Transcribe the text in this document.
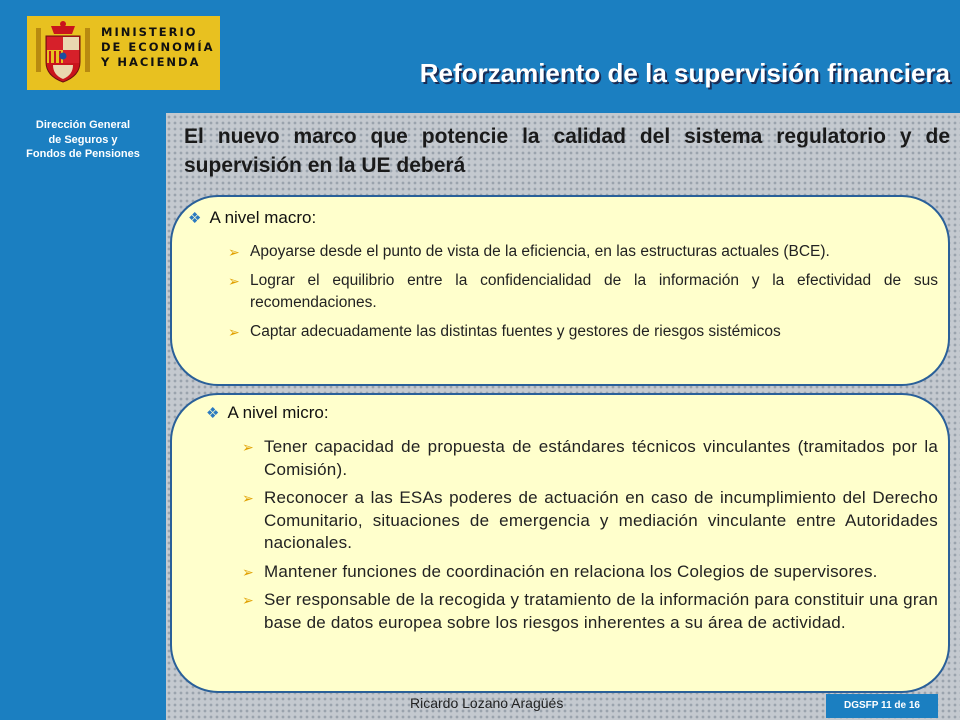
Dirección General
de Seguros y
Fondos de Pensiones
Reforzamiento de la supervisión financiera
MINISTERIO
DE ECONOMÍA
Y HACIENDA
El nuevo marco que potencie la calidad del sistema regulatorio y de supervisión en la UE deberá
❖ A nivel macro:
➢ Apoyarse desde el punto de vista de la eficiencia, en las estructuras actuales (BCE).
➢ Lograr el equilibrio entre la confidencialidad de la información y la efectividad de sus recomendaciones.
➢ Captar adecuadamente las distintas fuentes y gestores de riesgos sistémicos
❖ A nivel micro:
➢ Tener capacidad de propuesta de estándares técnicos vinculantes (tramitados por la Comisión).
➢ Reconocer a las ESAs poderes de actuación en caso de incumplimiento del Derecho Comunitario, situaciones de emergencia y mediación vinculante entre Autoridades nacionales.
➢ Mantener funciones de coordinación en relaciona los Colegios de supervisores.
➢ Ser responsable de la recogida y tratamiento de la información para constituir una gran base de datos europea sobre los riesgos inherentes a su área de actividad.
Ricardo Lozano Aragüés	DGSFP 11 de 16
